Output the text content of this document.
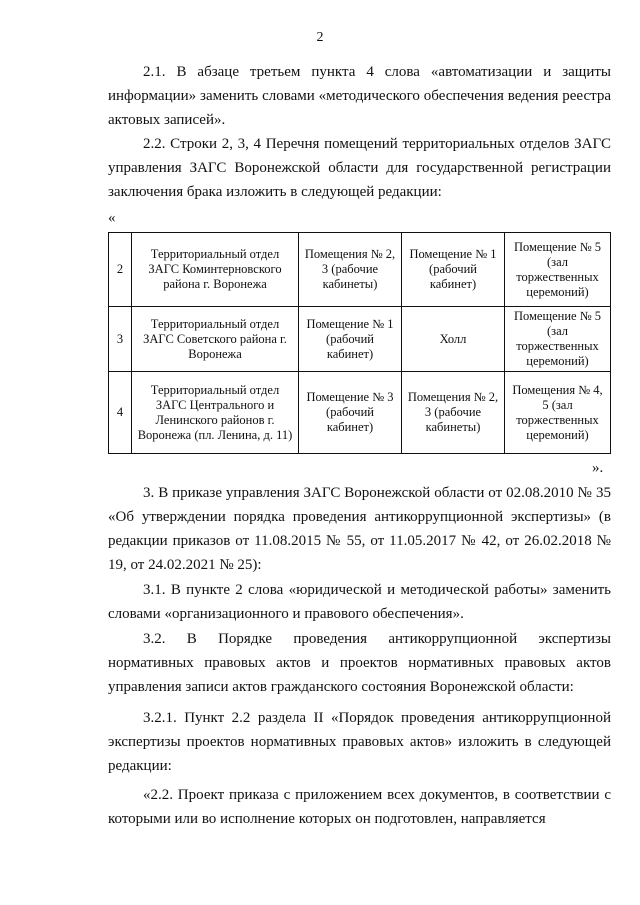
2

2.1. В абзаце третьем пункта 4 слова «автоматизации и защиты информации» заменить словами «методического обеспечения ведения реестра актовых записей».

2.2. Строки 2, 3, 4 Перечня помещений территориальных отделов ЗАГС управления ЗАГС Воронежской области для государственной регистрации заключения брака изложить в следующей редакции:

«
2	Территориальный отдел ЗАГС Коминтерновского района г. Воронежа	Помещения № 2, 3 (рабочие кабинеты)	Помещение № 1 (рабочий кабинет)	Помещение № 5 (зал торжественных церемоний)
3	Территориальный отдел ЗАГС Советского района г. Воронежа	Помещение № 1 (рабочий кабинет)	Холл	Помещение № 5 (зал торжественных церемоний)
4	Территориальный отдел ЗАГС Центрального и Ленинского районов г. Воронежа (пл. Ленина, д. 11)	Помещение № 3 (рабочий кабинет)	Помещения № 2, 3 (рабочие кабинеты)	Помещения № 4, 5 (зал торжественных церемоний)
».

3. В приказе управления ЗАГС Воронежской области от 02.08.2010 № 35 «Об утверждении порядка проведения антикоррупционной экспертизы» (в редакции приказов от 11.08.2015 № 55, от 11.05.2017 № 42, от 26.02.2018 № 19, от 24.02.2021 № 25):

3.1. В пункте 2 слова «юридической и методической работы» заменить словами «организационного и правового обеспечения».

3.2. В Порядке проведения антикоррупционной экспертизы нормативных правовых актов и проектов нормативных правовых актов управления записи актов гражданского состояния Воронежской области:

3.2.1. Пункт 2.2 раздела II «Порядок проведения антикоррупционной экспертизы проектов нормативных правовых актов» изложить в следующей редакции:

«2.2. Проект приказа с приложением всех документов, в соответствии с которыми или во исполнение которых он подготовлен, направляется
